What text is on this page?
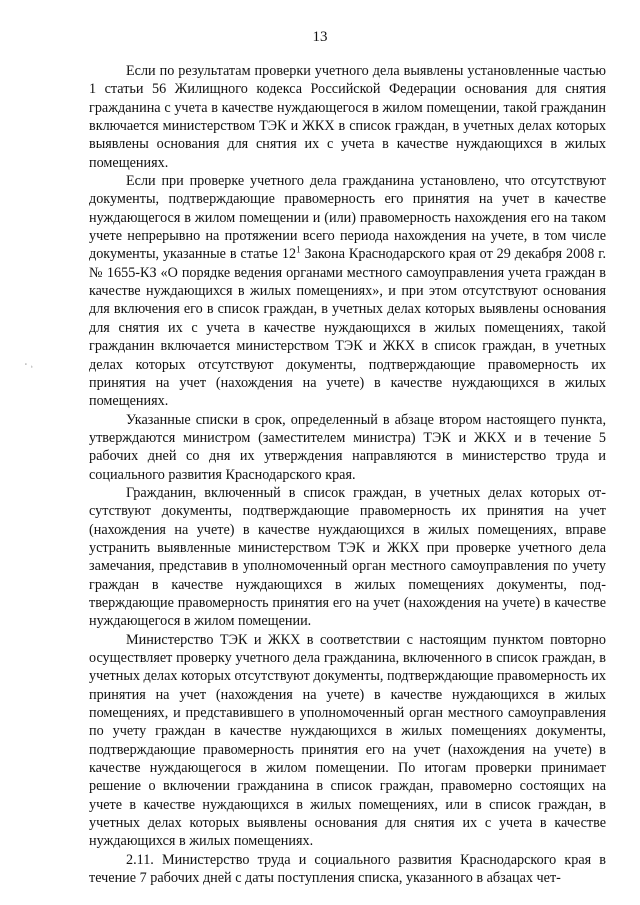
13
·͵

Если по результатам проверки учетного дела выявлены установленные частью 1 статьи 56 Жилищного кодекса Российской Федерации основания для снятия гражданина с учета в качестве нуждающегося в жилом помещении, такой гражданин включается министерством ТЭК и ЖКХ в список граждан, в учетных делах которых выявлены основания для снятия их с учета в качестве нуждающихся в жилых помещениях.

Если при проверке учетного дела гражданина установлено, что отсутствуют документы, подтверждающие правомерность его принятия на учет в качестве нуждающегося в жилом помещении и (или) правомерность нахождения его на таком учете непрерывно на протяжении всего периода нахождения на учете, в том числе документы, указанные в статье $12^1$ Закона Краснодарского края от 29 декабря 2008 г. № 1655-КЗ «О порядке ведения органами местного самоуправления учета граждан в качестве нуждающихся в жилых помещениях», и при этом отсутствуют основания для включения его в список граждан, в учетных делах которых выявлены основания для снятия их с учета в качестве нуждающихся в жилых помещениях, такой гражданин включается министерством ТЭК и ЖКХ в список граждан, в учетных делах которых отсутствуют документы, подтверждающие правомерность их принятия на учет (нахождения на учете) в качестве нуждающихся в жилых помещениях.

Указанные списки в срок, определенный в абзаце втором настоящего пункта, утверждаются министром (заместителем министра) ТЭК и ЖКХ и в течение 5 рабочих дней со дня их утверждения направляются в министерство труда и социального развития Краснодарского края.

Гражданин, включенный в список граждан, в учетных делах которых отсутствуют документы, подтверждающие правомерность их принятия на учет (нахождения на учете) в качестве нуждающихся в жилых помещениях, вправе устранить выявленные министерством ТЭК и ЖКХ при проверке учетного дела замечания, представив в уполномоченный орган местного самоуправления по учету граждан в качестве нуждающихся в жилых помещениях документы, подтверждающие правомерность принятия его на учет (нахождения на учете) в качестве нуждающегося в жилом помещении.

Министерство ТЭК и ЖКХ в соответствии с настоящим пунктом повторно осуществляет проверку учетного дела гражданина, включенного в список граждан, в учетных делах которых отсутствуют документы, подтверждающие правомерность их принятия на учет (нахождения на учете) в качестве нуждающихся в жилых помещениях, и представившего в уполномоченный орган местного самоуправления по учету граждан в качестве нуждающихся в жилых помещениях документы, подтверждающие правомерность принятия его на учет (нахождения на учете) в качестве нуждающегося в жилом помещении. По итогам проверки принимает решение о включении гражданина в список граждан, правомерно состоящих на учете в качестве нуждающихся в жилых помещениях, или в список граждан, в учетных делах которых выявлены основания для снятия их с учета в качестве нуждающихся в жилых помещениях.

2.11. Министерство труда и социального развития Краснодарского края в течение 7 рабочих дней с даты поступления списка, указанного в абзацах чет-
